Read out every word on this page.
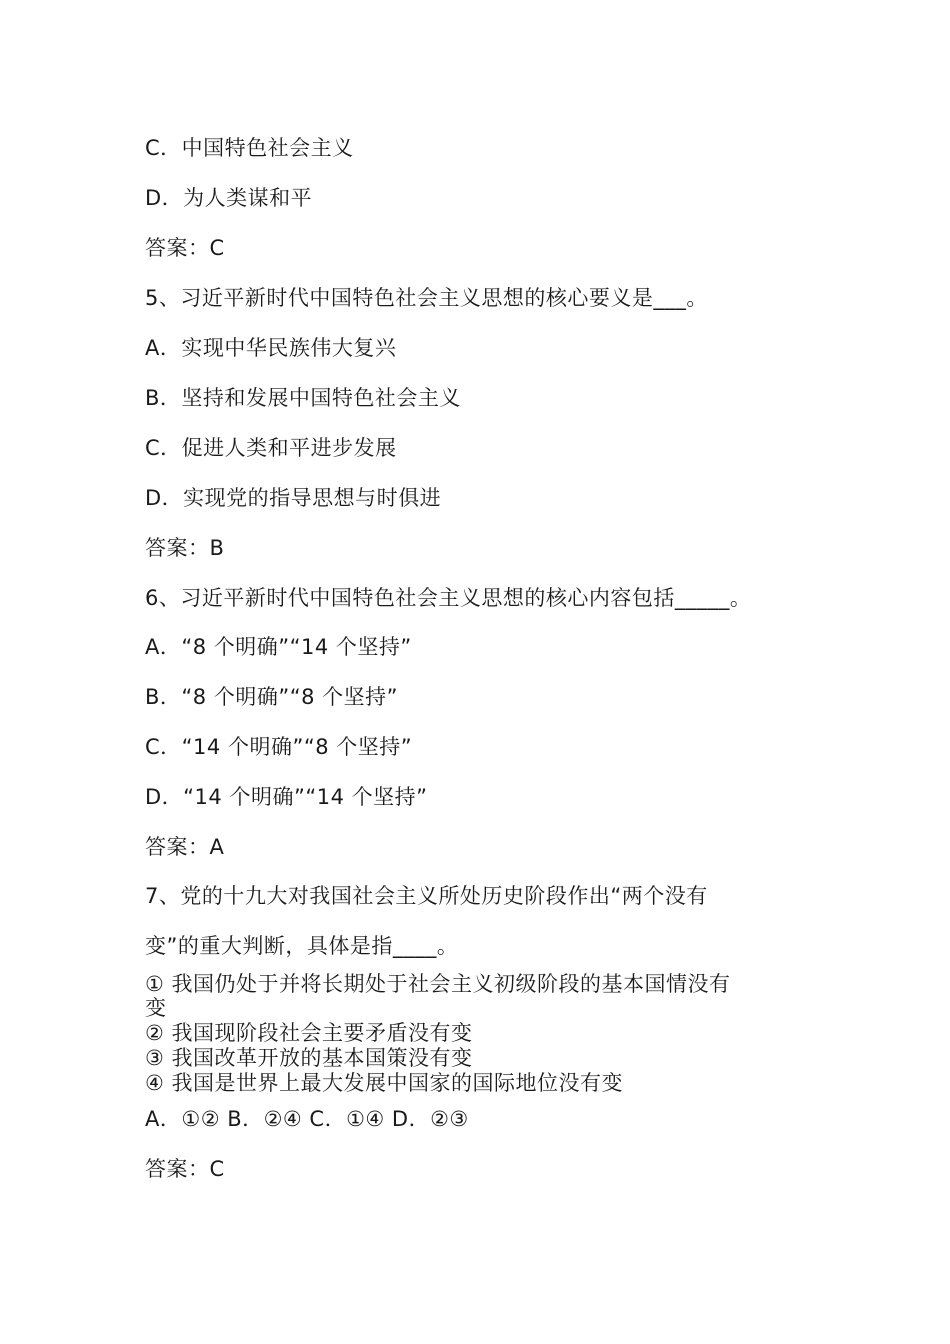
C．中国特色社会主义
D．为人类谋和平
答案：C
5、习近平新时代中国特色社会主义思想的核心要义是___。
A．实现中华民族伟大复兴
B．坚持和发展中国特色社会主义
C．促进人类和平进步发展
D．实现党的指导思想与时俱进
答案：B
6、习近平新时代中国特色社会主义思想的核心内容包括_____。
A．“8 个明确”“14 个坚持”
B．“8 个明确”“8 个坚持”
C．“14 个明确”“8 个坚持”
D．“14 个明确”“14 个坚持”
答案：A
7、党的十九大对我国社会主义所处历史阶段作出“两个没有
变”的重大判断，具体是指____。
① 我国仍处于并将长期处于社会主义初级阶段的基本国情没有
变
② 我国现阶段社会主要矛盾没有变
③ 我国改革开放的基本国策没有变
④ 我国是世界上最大发展中国家的国际地位没有变
A．①② B．②④ C．①④ D．②③
答案：C
